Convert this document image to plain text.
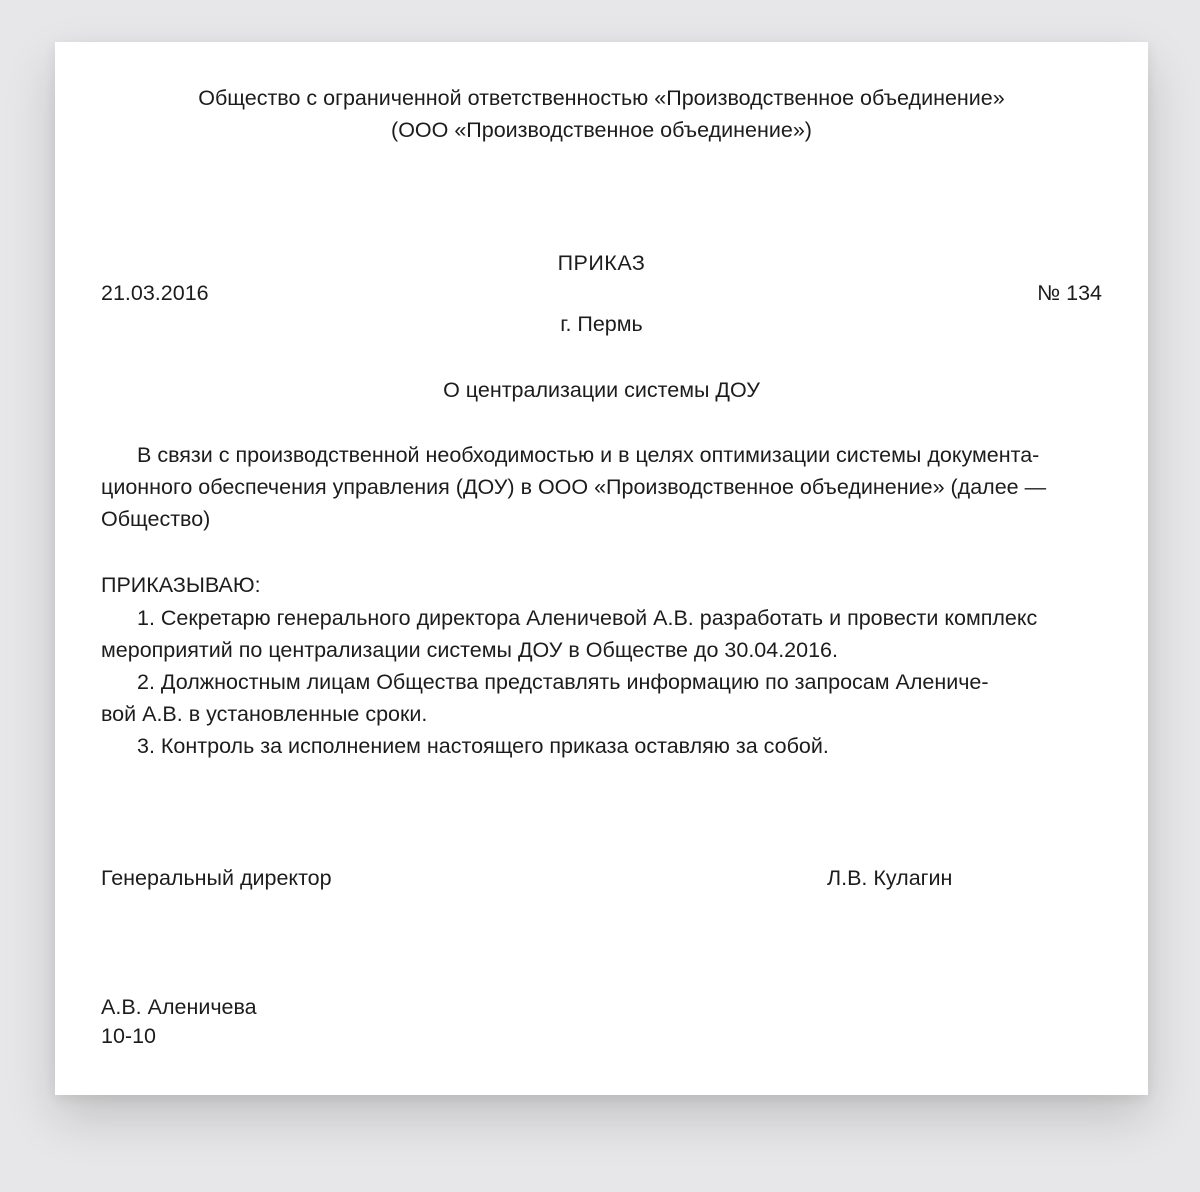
Общество с ограниченной ответственностью «Производственное объединение»
(ООО «Производственное объединение»)
ПРИКАЗ
21.03.2016	№ 134
г. Пермь
О централизации системы ДОУ
В связи с производственной необходимостью и в целях оптимизации системы документа-
ционного обеспечения управления (ДОУ) в ООО «Производственное объединение» (далее —
Общество)
ПРИКАЗЫВАЮ:
1. Секретарю генерального директора Аленичевой А.В. разработать и провести комплекс
мероприятий по централизации системы ДОУ в Обществе до 30.04.2016.
2. Должностным лицам Общества представлять информацию по запросам Алениче-
вой А.В. в установленные сроки.
3. Контроль за исполнением настоящего приказа оставляю за собой.
Генеральный директор	Л.В. Кулагин
А.В. Аленичева
10-10
